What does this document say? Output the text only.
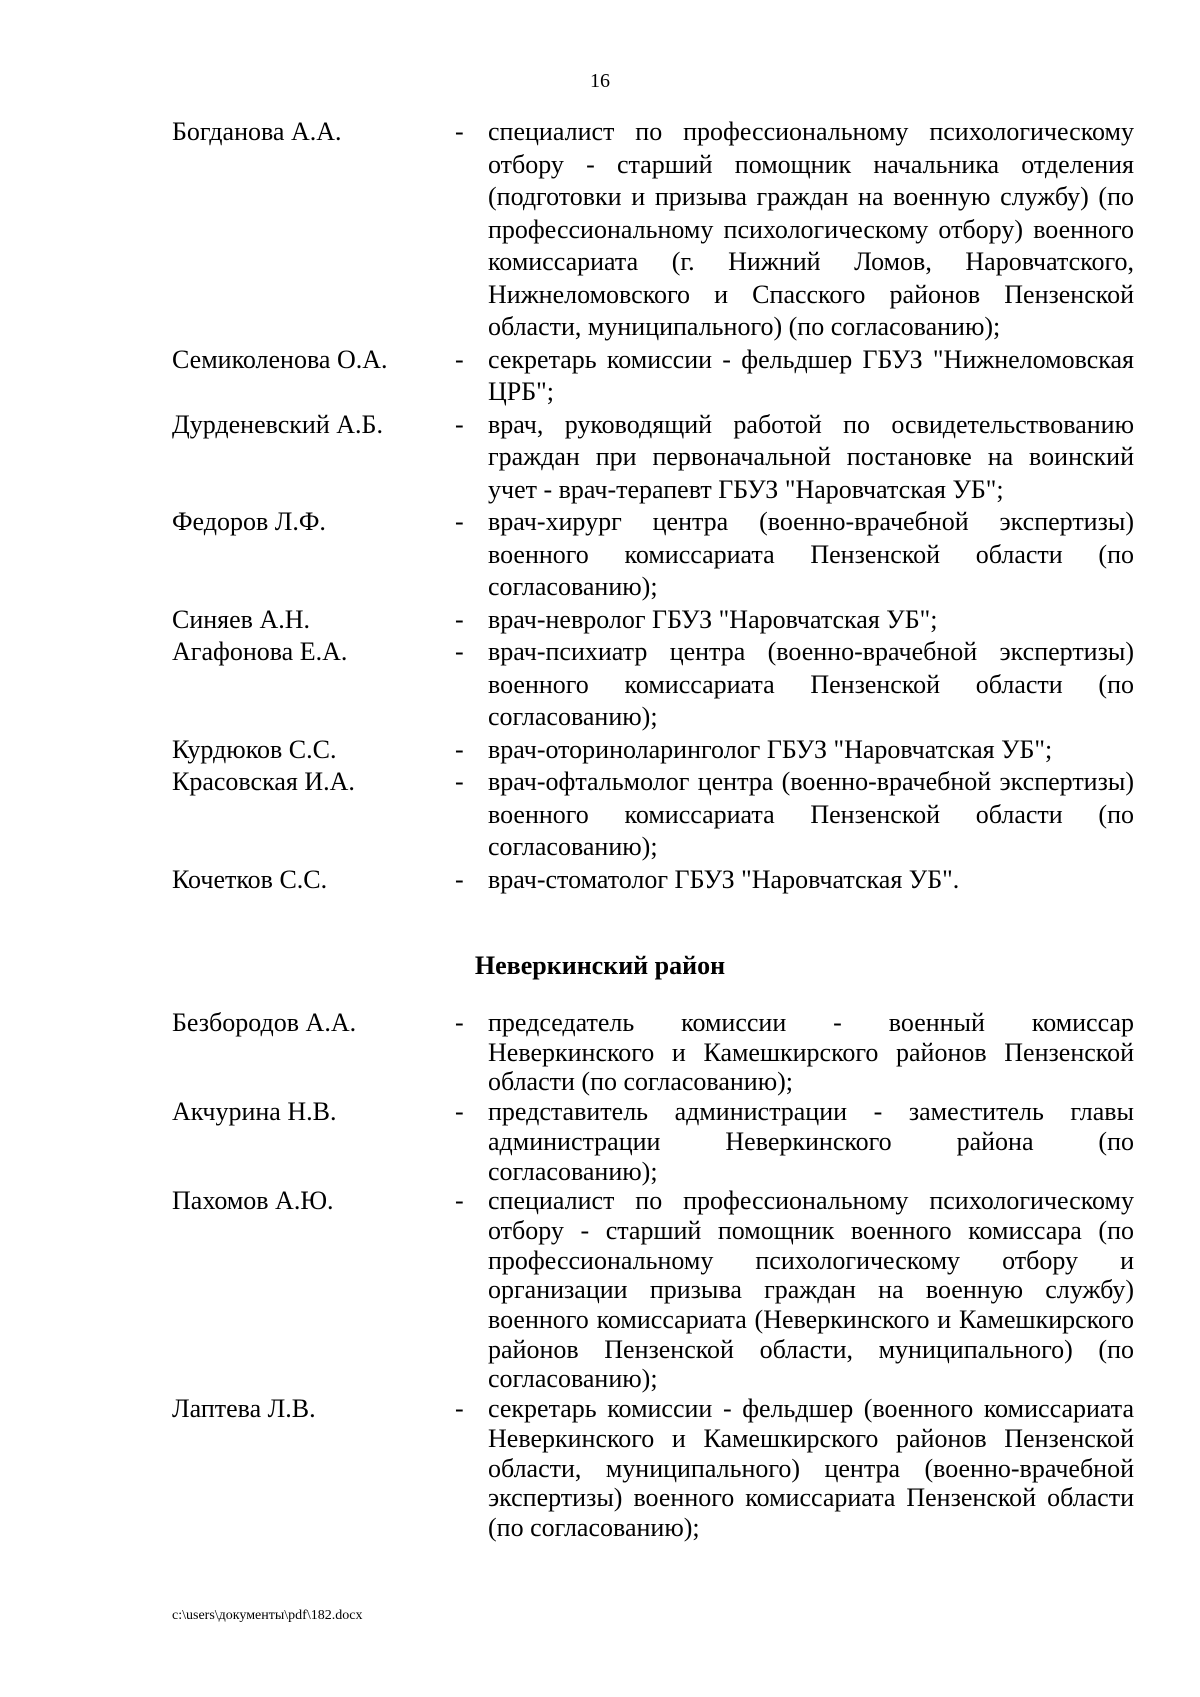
16
Богданова А.А.	- специалист по профессиональному психологическому отбору - старший помощник начальника отделения (подготовки и призыва граждан на военную службу) (по профессиональному психологическому отбору) военного комиссариата (г. Нижний Ломов, Наровчатского, Нижнеломовского и Спасского районов Пензенской области, муниципального) (по согласованию);
Семиколенова О.А.	- секретарь комиссии - фельдшер ГБУЗ "Нижнеломовская ЦРБ";
Дурденевский А.Б.	- врач, руководящий работой по освидетельствованию граждан при первоначальной постановке на воинский учет - врач-терапевт ГБУЗ "Наровчатская УБ";
Федоров Л.Ф.	- врач-хирург центра (военно-врачебной экспертизы) военного комиссариата Пензенской области (по согласованию);
Синяев А.Н.	- врач-невролог ГБУЗ "Наровчатская УБ";
Агафонова Е.А.	- врач-психиатр центра (военно-врачебной экспертизы) военного комиссариата Пензенской области (по согласованию);
Курдюков С.С.	- врач-оториноларинголог ГБУЗ "Наровчатская УБ";
Красовская И.А.	- врач-офтальмолог центра (военно-врачебной экспертизы) военного комиссариата Пензенской области (по согласованию);
Кочетков С.С.	- врач-стоматолог ГБУЗ "Наровчатская УБ".
Неверкинский район
Безбородов А.А.	- председатель комиссии - военный комиссар Неверкинского и Камешкирского районов Пензенской области (по согласованию);
Акчурина Н.В.	- представитель администрации - заместитель главы администрации Неверкинского района (по согласованию);
Пахомов А.Ю.	- специалист по профессиональному психологическому отбору - старший помощник военного комиссара (по профессиональному психологическому отбору и организации призыва граждан на военную службу) военного комиссариата (Неверкинского и Камешкирского районов Пензенской области, муниципального) (по согласованию);
Лаптева Л.В.	- секретарь комиссии - фельдшер (военного комиссариата Неверкинского и Камешкирского районов Пензенской области, муниципального) центра (военно-врачебной экспертизы) военного комиссариата Пензенской области (по согласованию);
c:\users\документы\pdf\182.docx
